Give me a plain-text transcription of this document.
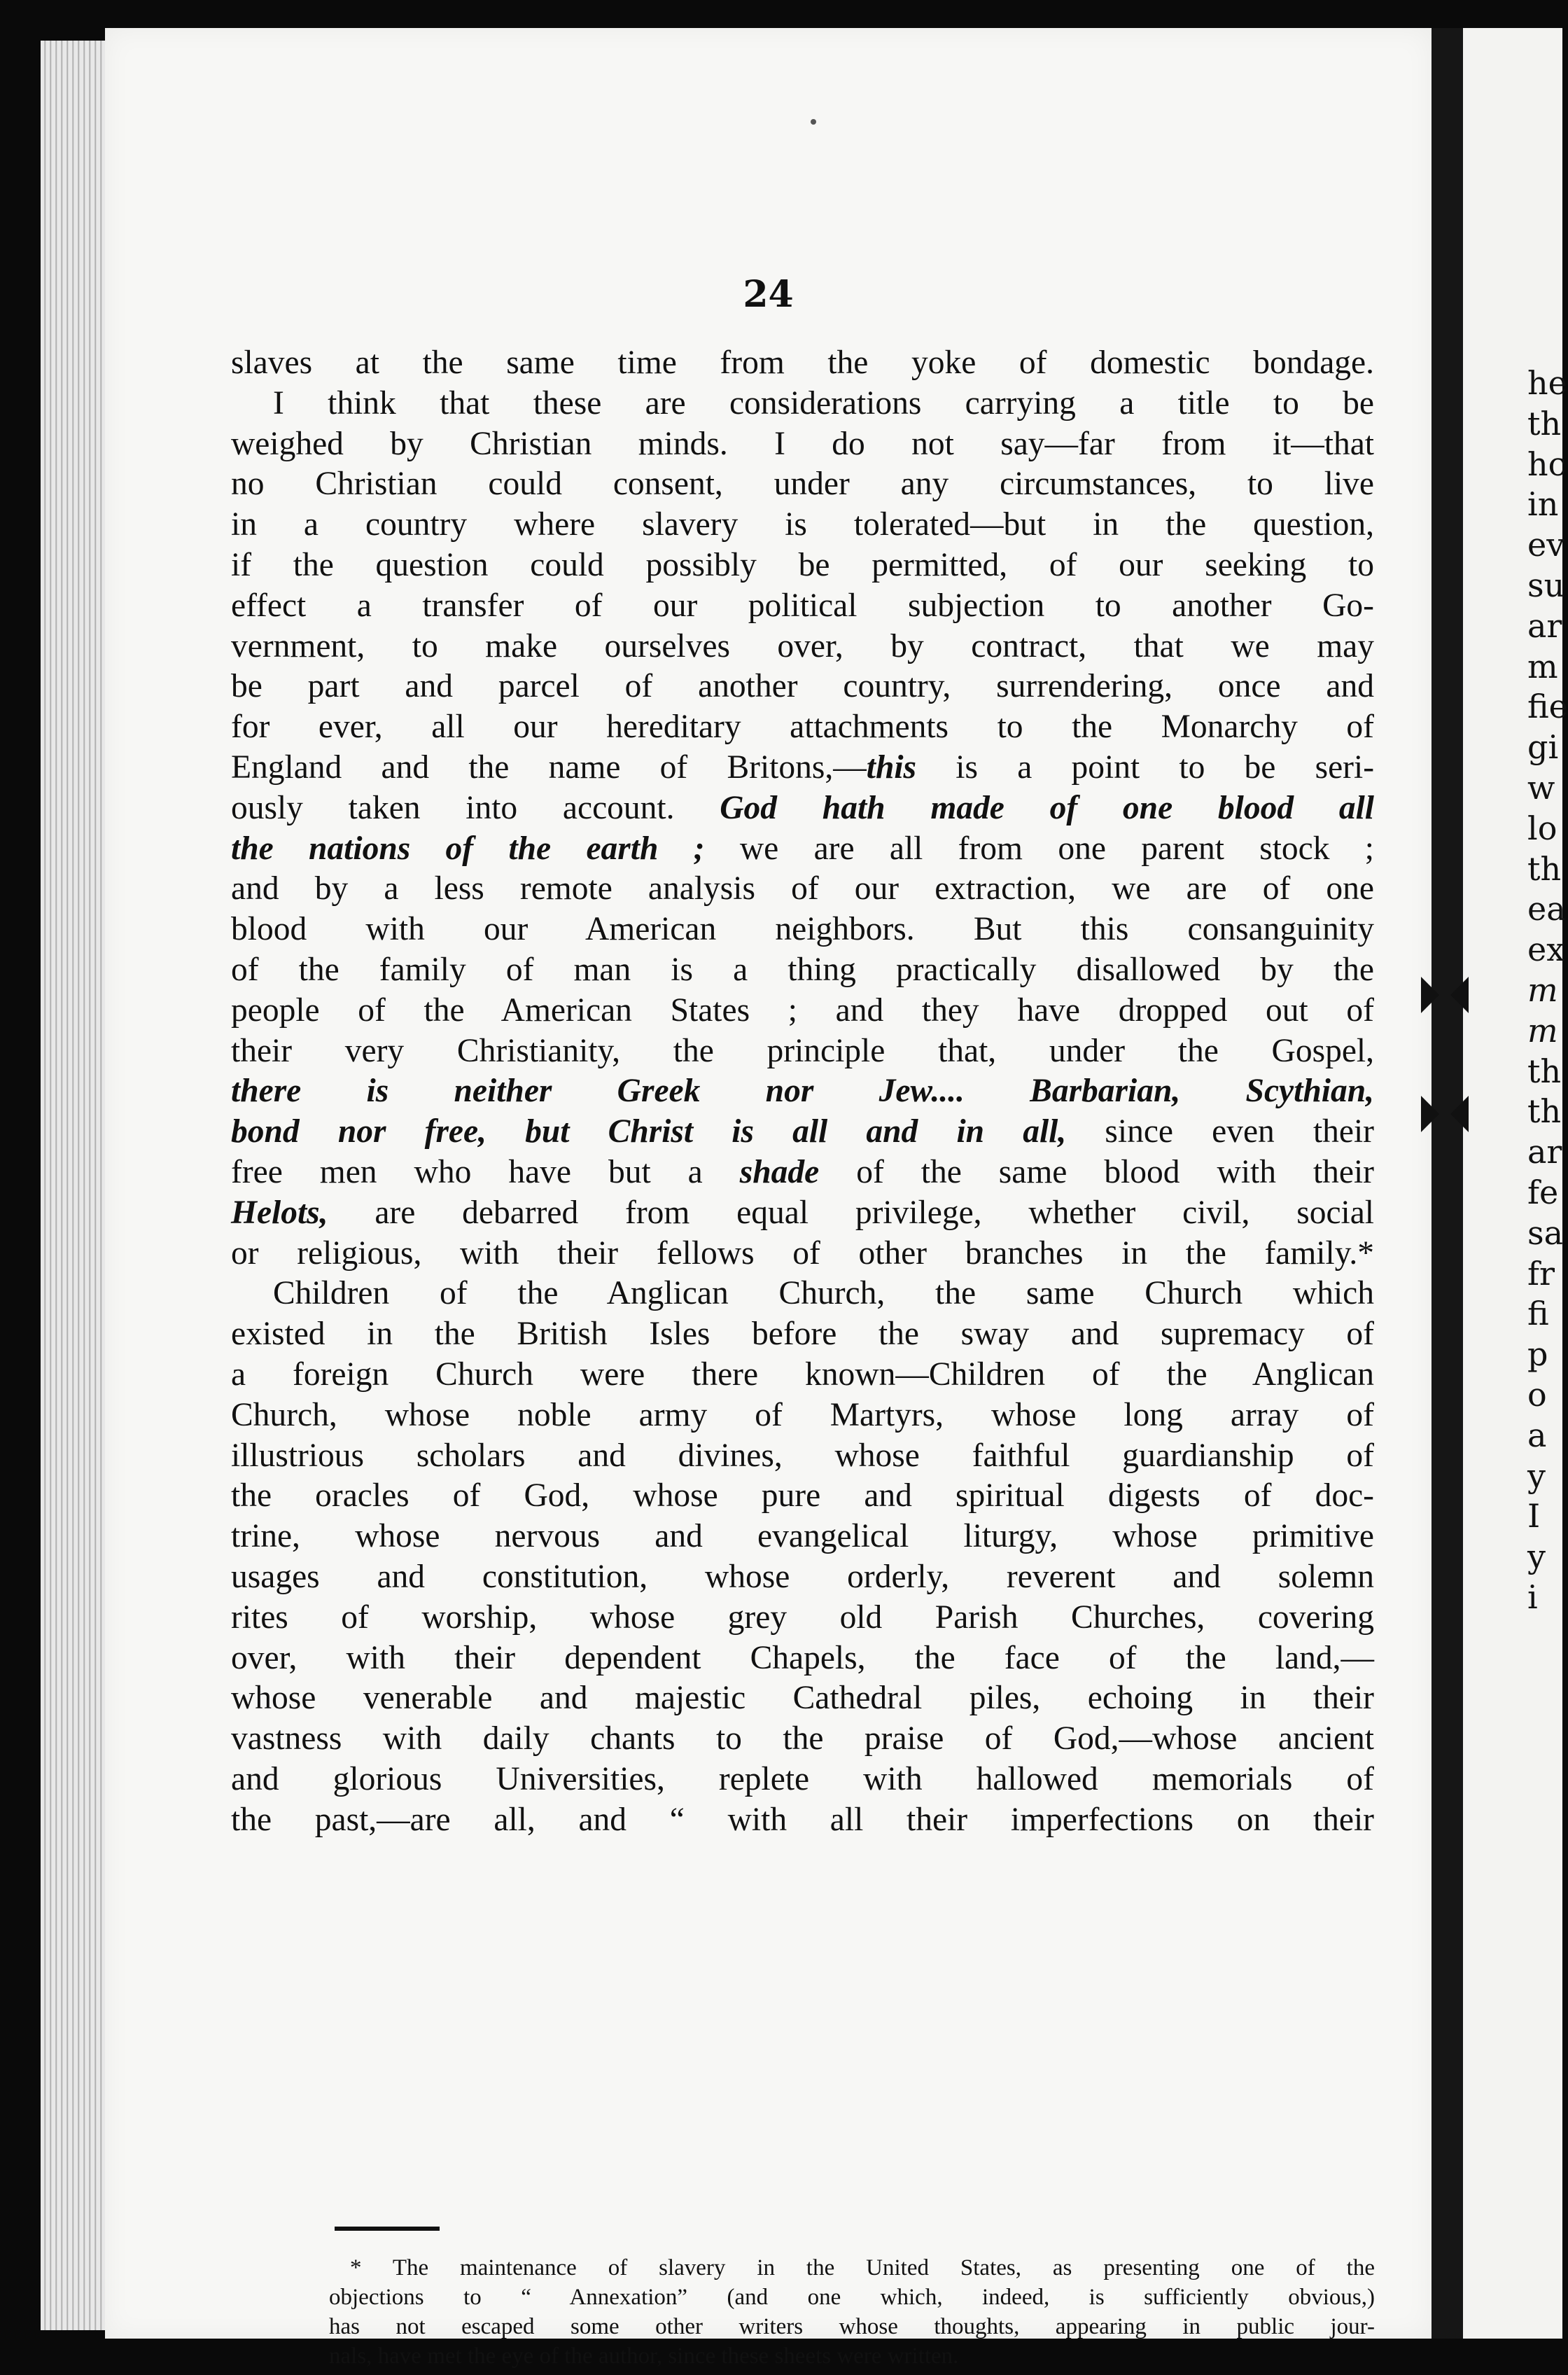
24
he
th
hc
in
ev
su
ar
m
fie
gi
w
lo
th
ea
ex
m
m
th
th
ar
fe
sa
fr
fi
p
o
a
y
I
y
i
slaves at the same time from the yoke of domestic bondage.
I think that these are considerations carrying a title to be
weighed by Christian minds. I do not say—far from it—that
no Christian could consent, under any circumstances, to live
in a country where slavery is tolerated—but in the question,
if the question could possibly be permitted, of our seeking to
effect a transfer of our political subjection to another Go-
vernment, to make ourselves over, by contract, that we may
be part and parcel of another country, surrendering, once and
for ever, all our hereditary attachments to the Monarchy of
England and the name of Britons,—this is a point to be seri-
ously taken into account. God hath made of one blood all
the nations of the earth ; we are all from one parent stock ;
and by a less remote analysis of our extraction, we are of one
blood with our American neighbors. But this consanguinity
of the family of man is a thing practically disallowed by the
people of the American States ; and they have dropped out of
their very Christianity, the principle that, under the Gospel,
there is neither Greek nor Jew.... Barbarian, Scythian,
bond nor free, but Christ is all and in all, since even their
free men who have but a shade of the same blood with their
Helots, are debarred from equal privilege, whether civil, social
or religious, with their fellows of other branches in the family.*
Children of the Anglican Church, the same Church which
existed in the British Isles before the sway and supremacy of
a foreign Church were there known—Children of the Anglican
Church, whose noble army of Martyrs, whose long array of
illustrious scholars and divines, whose faithful guardianship of
the oracles of God, whose pure and spiritual digests of doc-
trine, whose nervous and evangelical liturgy, whose primitive
usages and constitution, whose orderly, reverent and solemn
rites of worship, whose grey old Parish Churches, covering
over, with their dependent Chapels, the face of the land,—
whose venerable and majestic Cathedral piles, echoing in their
vastness with daily chants to the praise of God,—whose ancient
and glorious Universities, replete with hallowed memorials of
the past,—are all, and “ with all their imperfections on their
* The maintenance of slavery in the United States, as presenting one of the
objections to “ Annexation” (and one which, indeed, is sufficiently obvious,)
has not escaped some other writers whose thoughts, appearing in public jour-
nals, have met the eye of the author, since these sheets were written.
